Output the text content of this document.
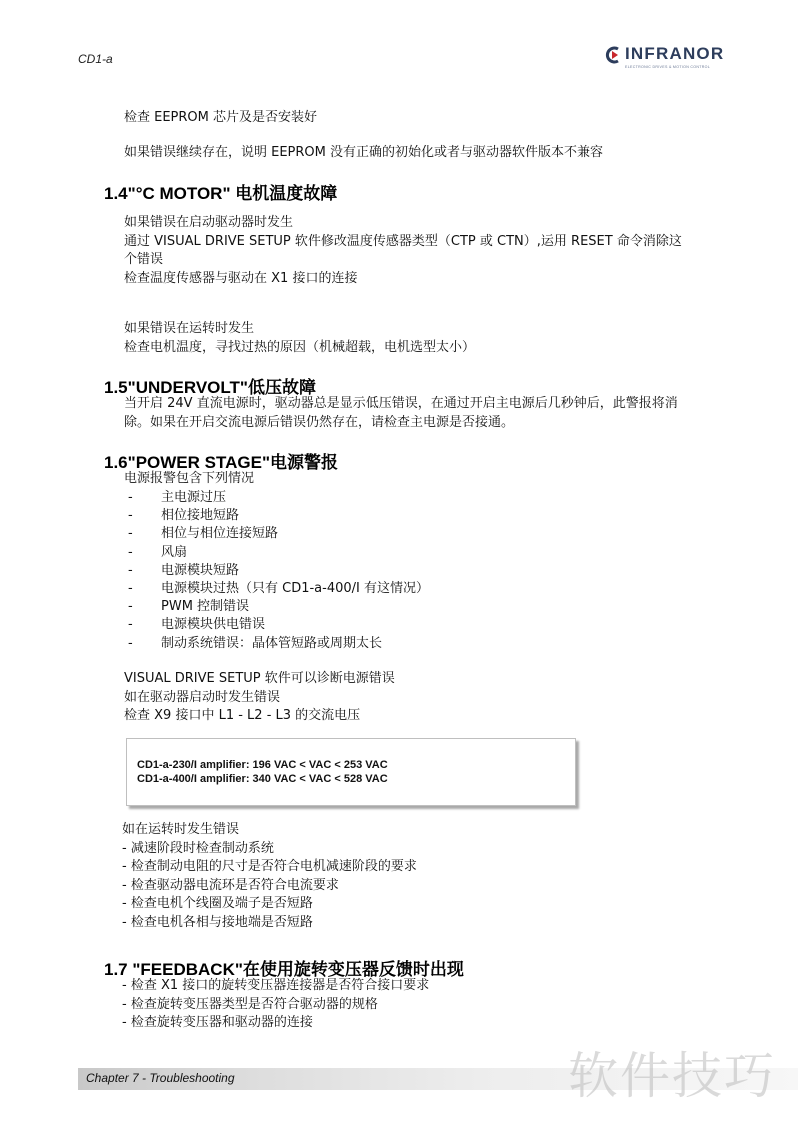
CD1-a	INFRANOR
ELECTRONIC DRIVES & MOTION CONTROL
检查 EEPROM 芯片及是否安装好
如果错误继续存在，说明 EEPROM 没有正确的初始化或者与驱动器软件版本不兼容
1.4"°C MOTOR" 电机温度故障
如果错误在启动驱动器时发生
通过 VISUAL DRIVE SETUP 软件修改温度传感器类型（CTP 或 CTN）,运用 RESET 命令消除这
个错误
检查温度传感器与驱动在 X1 接口的连接
如果错误在运转时发生
检查电机温度，寻找过热的原因（机械超载，电机选型太小）
1.5"UNDERVOLT"低压故障
当开启 24V 直流电源时，驱动器总是显示低压错误，在通过开启主电源后几秒钟后，此警报将消
除。如果在开启交流电源后错误仍然存在，请检查主电源是否接通。
1.6"POWER STAGE"电源警报
电源报警包含下列情况
- 主电源过压
- 相位接地短路
- 相位与相位连接短路
- 风扇
- 电源模块短路
- 电源模块过热（只有 CD1-a-400/I 有这情况）
- PWM 控制错误
- 电源模块供电错误
- 制动系统错误：晶体管短路或周期太长
VISUAL DRIVE SETUP 软件可以诊断电源错误
如在驱动器启动时发生错误
检查 X9 接口中 L1 - L2 - L3 的交流电压
CD1-a-230/I amplifier: 196 VAC < VAC < 253 VAC
CD1-a-400/I amplifier: 340 VAC < VAC < 528 VAC
如在运转时发生错误
- 减速阶段时检查制动系统
- 检查制动电阻的尺寸是否符合电机减速阶段的要求
- 检查驱动器电流环是否符合电流要求
- 检查电机个线圈及端子是否短路
- 检查电机各相与接地端是否短路
1.7 "FEEDBACK"在使用旋转变压器反馈时出现
- 检查 X1 接口的旋转变压器连接器是否符合接口要求
- 检查旋转变压器类型是否符合驱动器的规格
- 检查旋转变压器和驱动器的连接
Chapter 7 - Troubleshooting	软件技巧
